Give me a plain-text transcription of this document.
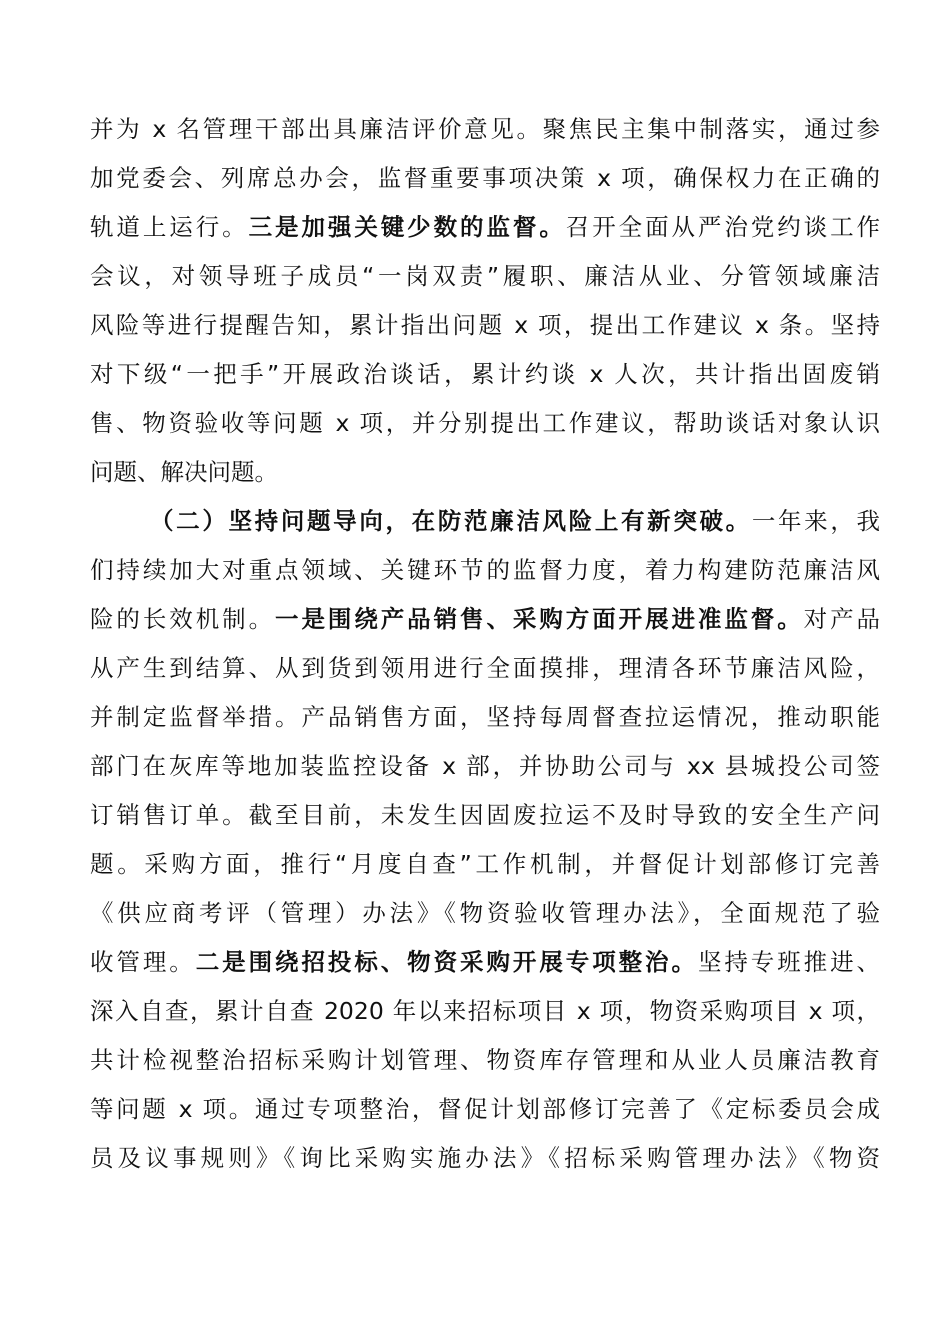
并为 x 名管理干部出具廉洁评价意见。聚焦民主集中制落实，通过参
加党委会、列席总办会，监督重要事项决策 x 项，确保权力在正确的
轨道上运行。三是加强关键少数的监督。召开全面从严治党约谈工作
会议，对领导班子成员“一岗双责”履职、廉洁从业、分管领域廉洁
风险等进行提醒告知，累计指出问题 x 项，提出工作建议 x 条。坚持
对下级“一把手”开展政治谈话，累计约谈 x 人次，共计指出固废销
售、物资验收等问题 x 项，并分别提出工作建议，帮助谈话对象认识
问题、解决问题。
（二）坚持问题导向，在防范廉洁风险上有新突破。一年来，我
们持续加大对重点领域、关键环节的监督力度，着力构建防范廉洁风
险的长效机制。一是围绕产品销售、采购方面开展进准监督。对产品
从产生到结算、从到货到领用进行全面摸排，理清各环节廉洁风险，
并制定监督举措。产品销售方面，坚持每周督查拉运情况，推动职能
部门在灰库等地加装监控设备 x 部，并协助公司与 xx 县城投公司签
订销售订单。截至目前，未发生因固废拉运不及时导致的安全生产问
题。采购方面，推行“月度自查”工作机制，并督促计划部修订完善
《供应商考评（管理）办法》《物资验收管理办法》，全面规范了验
收管理。二是围绕招投标、物资采购开展专项整治。坚持专班推进、
深入自查，累计自查 2020 年以来招标项目 x 项，物资采购项目 x 项，
共计检视整治招标采购计划管理、物资库存管理和从业人员廉洁教育
等问题 x 项。通过专项整治，督促计划部修订完善了《定标委员会成
员及议事规则》《询比采购实施办法》《招标采购管理办法》《物资
